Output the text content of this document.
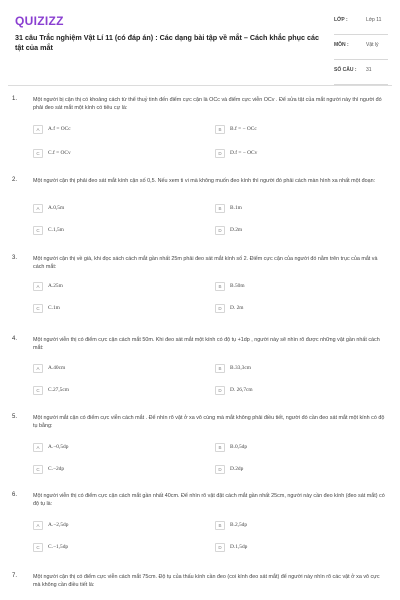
QUIZIZZ
31 câu Trắc nghiệm Vật Lí 11 (có đáp án) : Các dạng bài tập về mắt – Cách khắc phục các tật của mắt
LỚP :	Lớp 11
MÔN :	Vật lý
SỐ CÂU :	31
1.	Một người bị cận thị có khoảng cách từ thể thuỷ tinh đến điểm cực cận là OCc và điểm cực viễn OCv . Để sửa tật của mắt người này thì người đó phải đeo sát mắt một kính có tiêu cự là:
A	A.f = OCc	B	B.f = − OCc
C	C.f = OCv	D	D.f = − OCv
2.	Một người cận thị phải đeo sát mắt kính cận số 0,5. Nếu xem ti vi mà không muốn đeo kính thì người đó phải cách màn hình xa nhất một đoạn:
A	A.0,5m	B	B.1m
C	C.1,5m	D	D.2m
3.	Một người cận thị về già, khi đọc sách cách mắt gần nhất 25m phải đeo sát mắt kính số 2. Điểm cực cận của người đó nằm trên trục của mắt và cách mắt:
A	A.25m	B	B.50m
C	C.1m	D	D. 2m
4.	Một người viễn thị có điểm cực cận cách mắt 50m. Khi đeo sát mắt một kính có độ tụ +1dp , người này sẽ nhìn rõ được những vật gần nhất cách mắt:
A	A.40cm	B	B.33,3cm
C	C.27,5cm	D	D. 26,7cm
5.	Một người mắt cận có điểm cực viễn cách mắt . Để nhìn rõ vật ở xa vô cùng mà mắt không phải điều tiết, người đó cần đeo sát mắt một kính có độ tụ bằng:
A	A.−0,5dp	B	B.0,5dp
C	C.−2dp	D	D.2dp
6.	Một người viễn thị có điểm cực cận cách mắt gần nhất 40cm. Để nhìn rõ vật đặt cách mắt gần nhất 25cm, người này cần đeo kính (đeo sát mắt) có độ tụ là:
A	A.−2,5dp	B	B.2,5dp
C	C.−1,5dp	D	D.1,5dp
7.	Một người cận thị có điểm cực viễn cách mắt 75cm. Độ tụ của thấu kính cần đeo (coi kính đeo sát mắt) để người này nhìn rõ các vật ở xa vô cực mà không cần điều tiết là:
